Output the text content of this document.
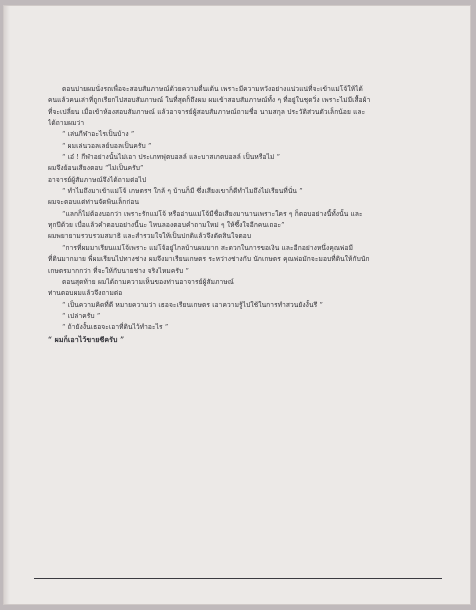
ตอนบ่ายผมนั่งรถเพื่อจะสอบสัมภาษณ์ด้วยความตื่นเต้น เพราะมีความหวังอย่างแน่วแน่ที่จะเข้าแม่โจ้ให้ได้
คนแล้วคนเล่าที่ถูกเรียกไปสอบสัมภาษณ์ ในที่สุดก็ถึงผม ผมเข้าสอบสัมภาษณ์ทั้ง ๆ ที่อยู่ในชุดวิ่ง เพราะไม่มีเสื้อผ้า
ที่จะเปลี่ยน เมื่อเข้าห้องสอบสัมภาษณ์ แล้วอาจารย์ผู้สอบสัมภาษณ์ถามชื่อ นามสกุล ประวัติส่วนตัวเล็กน้อย และ
ได้ถามผมว่า
“ เล่นกีฬาอะไรเป็นบ้าง ”
“ ผมเล่นวอลเลย์บอลเป็นครับ ”
“ เอ๋ ! กีฬาอย่างนั้นไม่เอา ประเภทฟุตบอลล์ และบาสเกตบอลล์ เป็นหรือไม่ ”
ผมจึงย้อนเสียงตอบ “ไม่เป็นครับ”
อาจารย์ผู้สัมภาษณ์จึงได้ถามต่อไป
“ ทำไมถึงมาเข้าแม่โจ้ เกษตรฯ ใกล้ ๆ บ้านก็มี ซึ่งเสียงเขาก็ดีทำไมถึงไม่เรียนที่นั่น ”
ผมจะตอบแต่ท่านจัดพินเล็กก่อน
“แลกก็ไม่ต้องบอกว่า เพราะรักแม่โจ้ หรืออ่านแม่โจ้มีชื่อเสียงมานานเพราะใคร ๆ ก็ตอบอย่างนี้ทั้งนั้น และ
ทุกปีด้วย เบื่อแล้วคำตอบอย่างนี้นะ ไหนลองตอบคำถามใหม่ ๆ ให้ซึ้งใจอีกคนเถอะ”
ผมพยายามรวบรวมสมาธิ และสำรวมใจให้เป็นปกติแล้วจึงตัดสินใจตอบ
“การที่ผมมาเรียนแม่โจ้เพราะ แม่โจ้อยู่ไกลบ้านผมมาก สะดวกในการขอเงิน และอีกอย่างหนึ่งคุณพ่อมี
ที่ดินมากมาย พี่ผมเรียนไปทางช่าง ผมจึงมาเรียนเกษตร ระหว่างช่างกับ นักเกษตร คุณพ่อมักจะมอบที่ดินให้กับนัก
เกษตรมากกว่า ที่จะให้กับนายช่าง จริงไหมครับ ”
ตอนสุดท้าย ผมได้ถามความเห็นของท่านอาจารย์ผู้สัมภาษณ์
ท่านตอบผมแล้วจึงถามต่อ
“ เป็นความคิดที่ดี หมายความว่า เธอจะเรียนเกษตร เอาความรู้ไปใช้ในการทำสวนยังงั้นรึ ”
“ เปล่าครับ ”
“ ถ้ายังงั้นเธอจะเอาที่ดินไว้ทำอะไร ”
“ ผมก็เอาไว้ขายซีครับ ”
